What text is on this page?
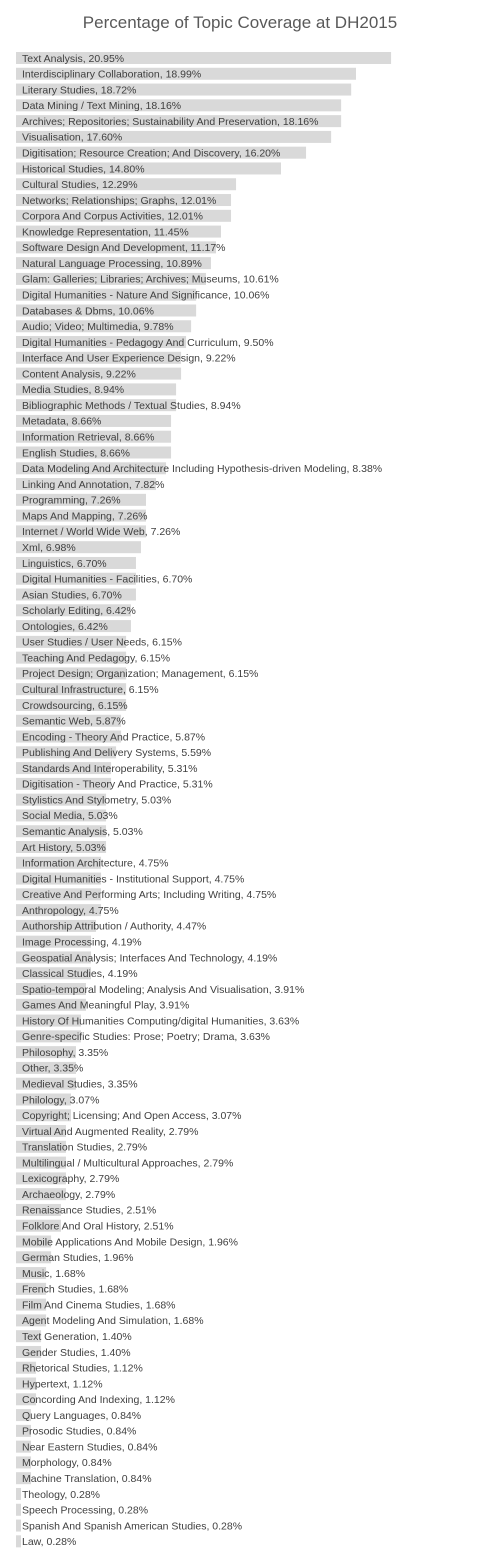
Percentage of Topic Coverage at DH2015
Text Analysis, 20.95%
Interdisciplinary Collaboration, 18.99%
Literary Studies, 18.72%
Data Mining / Text Mining, 18.16%
Archives; Repositories; Sustainability And Preservation, 18.16%
Visualisation, 17.60%
Digitisation; Resource Creation; And Discovery, 16.20%
Historical Studies, 14.80%
Cultural Studies, 12.29%
Networks; Relationships; Graphs, 12.01%
Corpora And Corpus Activities, 12.01%
Knowledge Representation, 11.45%
Software Design And Development, 11.17%
Natural Language Processing, 10.89%
Glam: Galleries; Libraries; Archives; Museums, 10.61%
Digital Humanities - Nature And Significance, 10.06%
Databases & Dbms, 10.06%
Audio; Video; Multimedia, 9.78%
Digital Humanities - Pedagogy And Curriculum, 9.50%
Interface And User Experience Design, 9.22%
Content Analysis, 9.22%
Media Studies, 8.94%
Bibliographic Methods / Textual Studies, 8.94%
Metadata, 8.66%
Information Retrieval, 8.66%
English Studies, 8.66%
Data Modeling And Architecture Including Hypothesis-driven Modeling, 8.38%
Linking And Annotation, 7.82%
Programming, 7.26%
Maps And Mapping, 7.26%
Internet / World Wide Web, 7.26%
Xml, 6.98%
Linguistics, 6.70%
Digital Humanities - Facilities, 6.70%
Asian Studies, 6.70%
Scholarly Editing, 6.42%
Ontologies, 6.42%
User Studies / User Needs, 6.15%
Teaching And Pedagogy, 6.15%
Project Design; Organization; Management, 6.15%
Cultural Infrastructure, 6.15%
Crowdsourcing, 6.15%
Semantic Web, 5.87%
Encoding - Theory And Practice, 5.87%
Publishing And Delivery Systems, 5.59%
Standards And Interoperability, 5.31%
Digitisation - Theory And Practice, 5.31%
Stylistics And Stylometry, 5.03%
Social Media, 5.03%
Semantic Analysis, 5.03%
Art History, 5.03%
Information Architecture, 4.75%
Digital Humanities - Institutional Support, 4.75%
Creative And Performing Arts; Including Writing, 4.75%
Anthropology, 4.75%
Authorship Attribution / Authority, 4.47%
Image Processing, 4.19%
Geospatial Analysis; Interfaces And Technology, 4.19%
Classical Studies, 4.19%
Spatio-temporal Modeling; Analysis And Visualisation, 3.91%
Games And Meaningful Play, 3.91%
History Of Humanities Computing/digital Humanities, 3.63%
Genre-specific Studies: Prose; Poetry; Drama, 3.63%
Philosophy, 3.35%
Other, 3.35%
Medieval Studies, 3.35%
Philology, 3.07%
Copyright; Licensing; And Open Access, 3.07%
Virtual And Augmented Reality, 2.79%
Translation Studies, 2.79%
Multilingual / Multicultural Approaches, 2.79%
Lexicography, 2.79%
Archaeology, 2.79%
Renaissance Studies, 2.51%
Folklore And Oral History, 2.51%
Mobile Applications And Mobile Design, 1.96%
German Studies, 1.96%
Music, 1.68%
French Studies, 1.68%
Film And Cinema Studies, 1.68%
Agent Modeling And Simulation, 1.68%
Text Generation, 1.40%
Gender Studies, 1.40%
Rhetorical Studies, 1.12%
Hypertext, 1.12%
Concording And Indexing, 1.12%
Query Languages, 0.84%
Prosodic Studies, 0.84%
Near Eastern Studies, 0.84%
Morphology, 0.84%
Machine Translation, 0.84%
Theology, 0.28%
Speech Processing, 0.28%
Spanish And Spanish American Studies, 0.28%
Law, 0.28%
